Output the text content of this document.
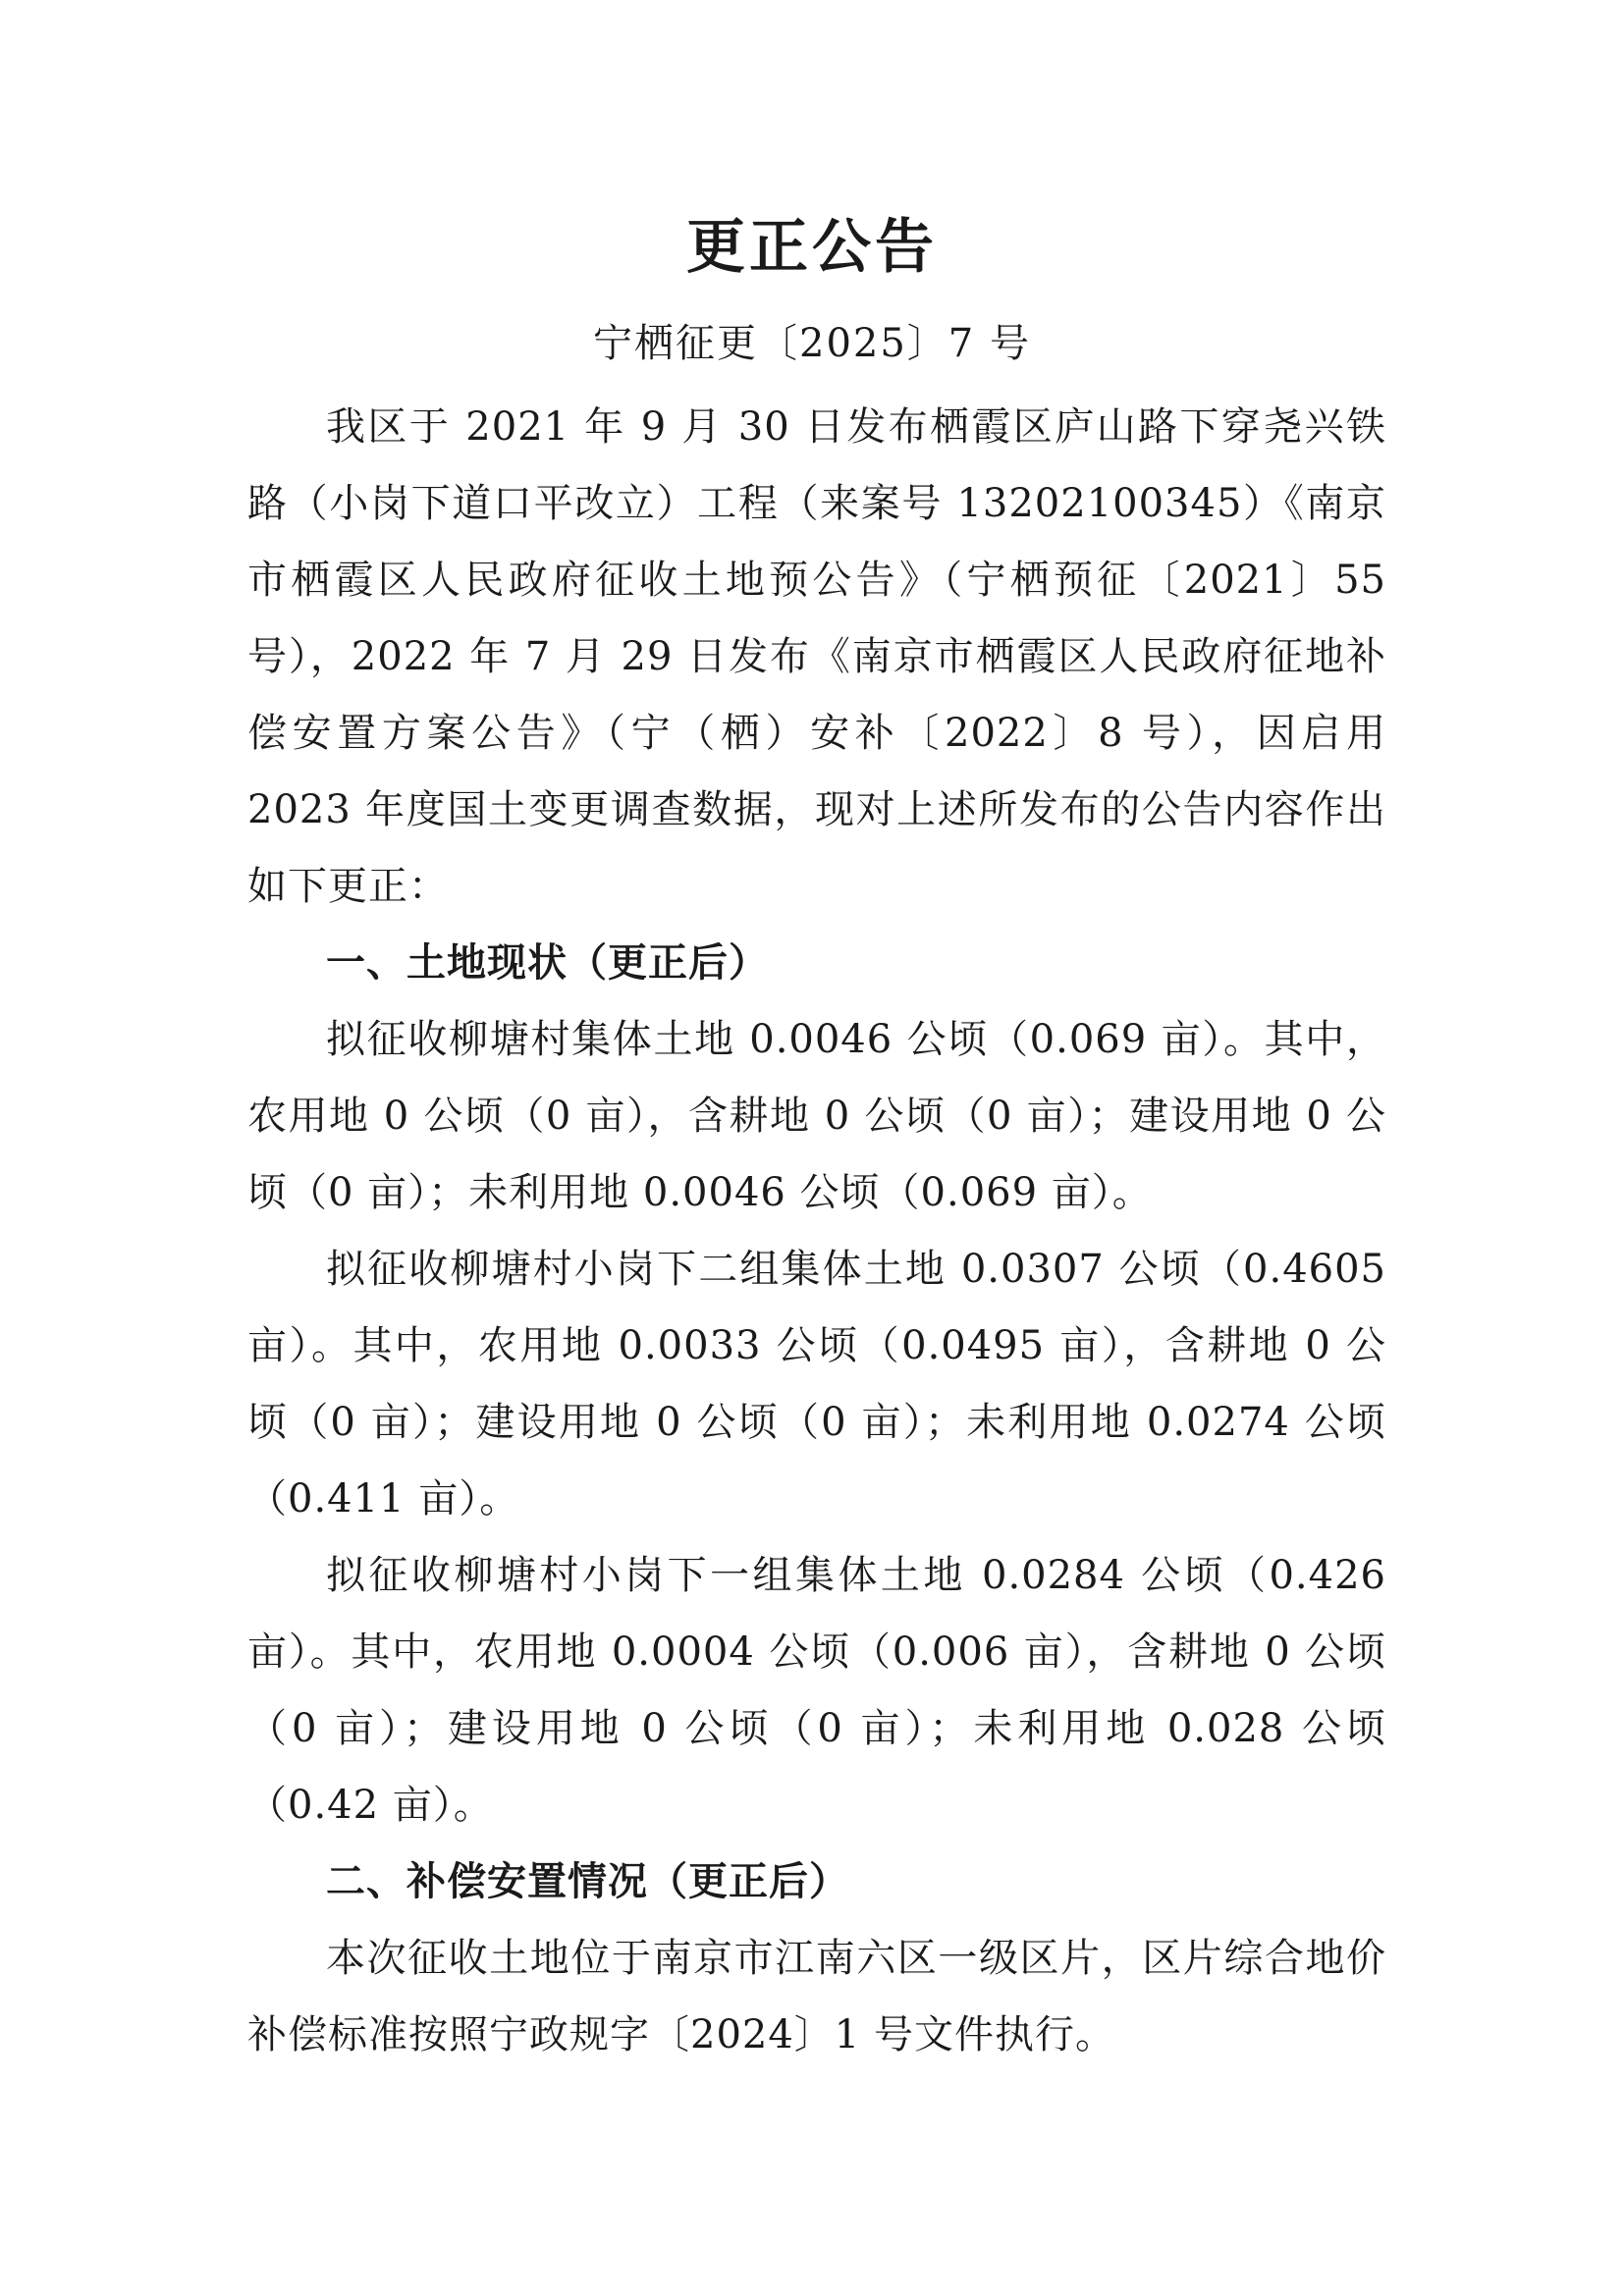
更正公告

宁栖征更〔2025〕7 号

我区于 2021 年 9 月 30 日发布栖霞区庐山路下穿尧兴铁路（小岗下道口平改立）工程（来案号 13202100345）《南京市栖霞区人民政府征收土地预公告》（宁栖预征〔2021〕55 号），2022 年 7 月 29 日发布《南京市栖霞区人民政府征地补偿安置方案公告》（宁（栖）安补〔2022〕8 号），因启用 2023 年度国土变更调查数据，现对上述所发布的公告内容作出如下更正：

一、土地现状（更正后）

拟征收柳塘村集体土地 0.0046 公顷（0.069 亩）。其中，农用地 0 公顷（0 亩），含耕地 0 公顷（0 亩）；建设用地 0 公顷（0 亩）；未利用地 0.0046 公顷（0.069 亩）。

拟征收柳塘村小岗下二组集体土地 0.0307 公顷（0.4605 亩）。其中，农用地 0.0033 公顷（0.0495 亩），含耕地 0 公顷（0 亩）；建设用地 0 公顷（0 亩）；未利用地 0.0274 公顷（0.411 亩）。

拟征收柳塘村小岗下一组集体土地 0.0284 公顷（0.426 亩）。其中，农用地 0.0004 公顷（0.006 亩），含耕地 0 公顷（0 亩）；建设用地 0 公顷（0 亩）；未利用地 0.028 公顷（0.42 亩）。

二、补偿安置情况（更正后）

本次征收土地位于南京市江南六区一级区片，区片综合地价补偿标准按照宁政规字〔2024〕1 号文件执行。
